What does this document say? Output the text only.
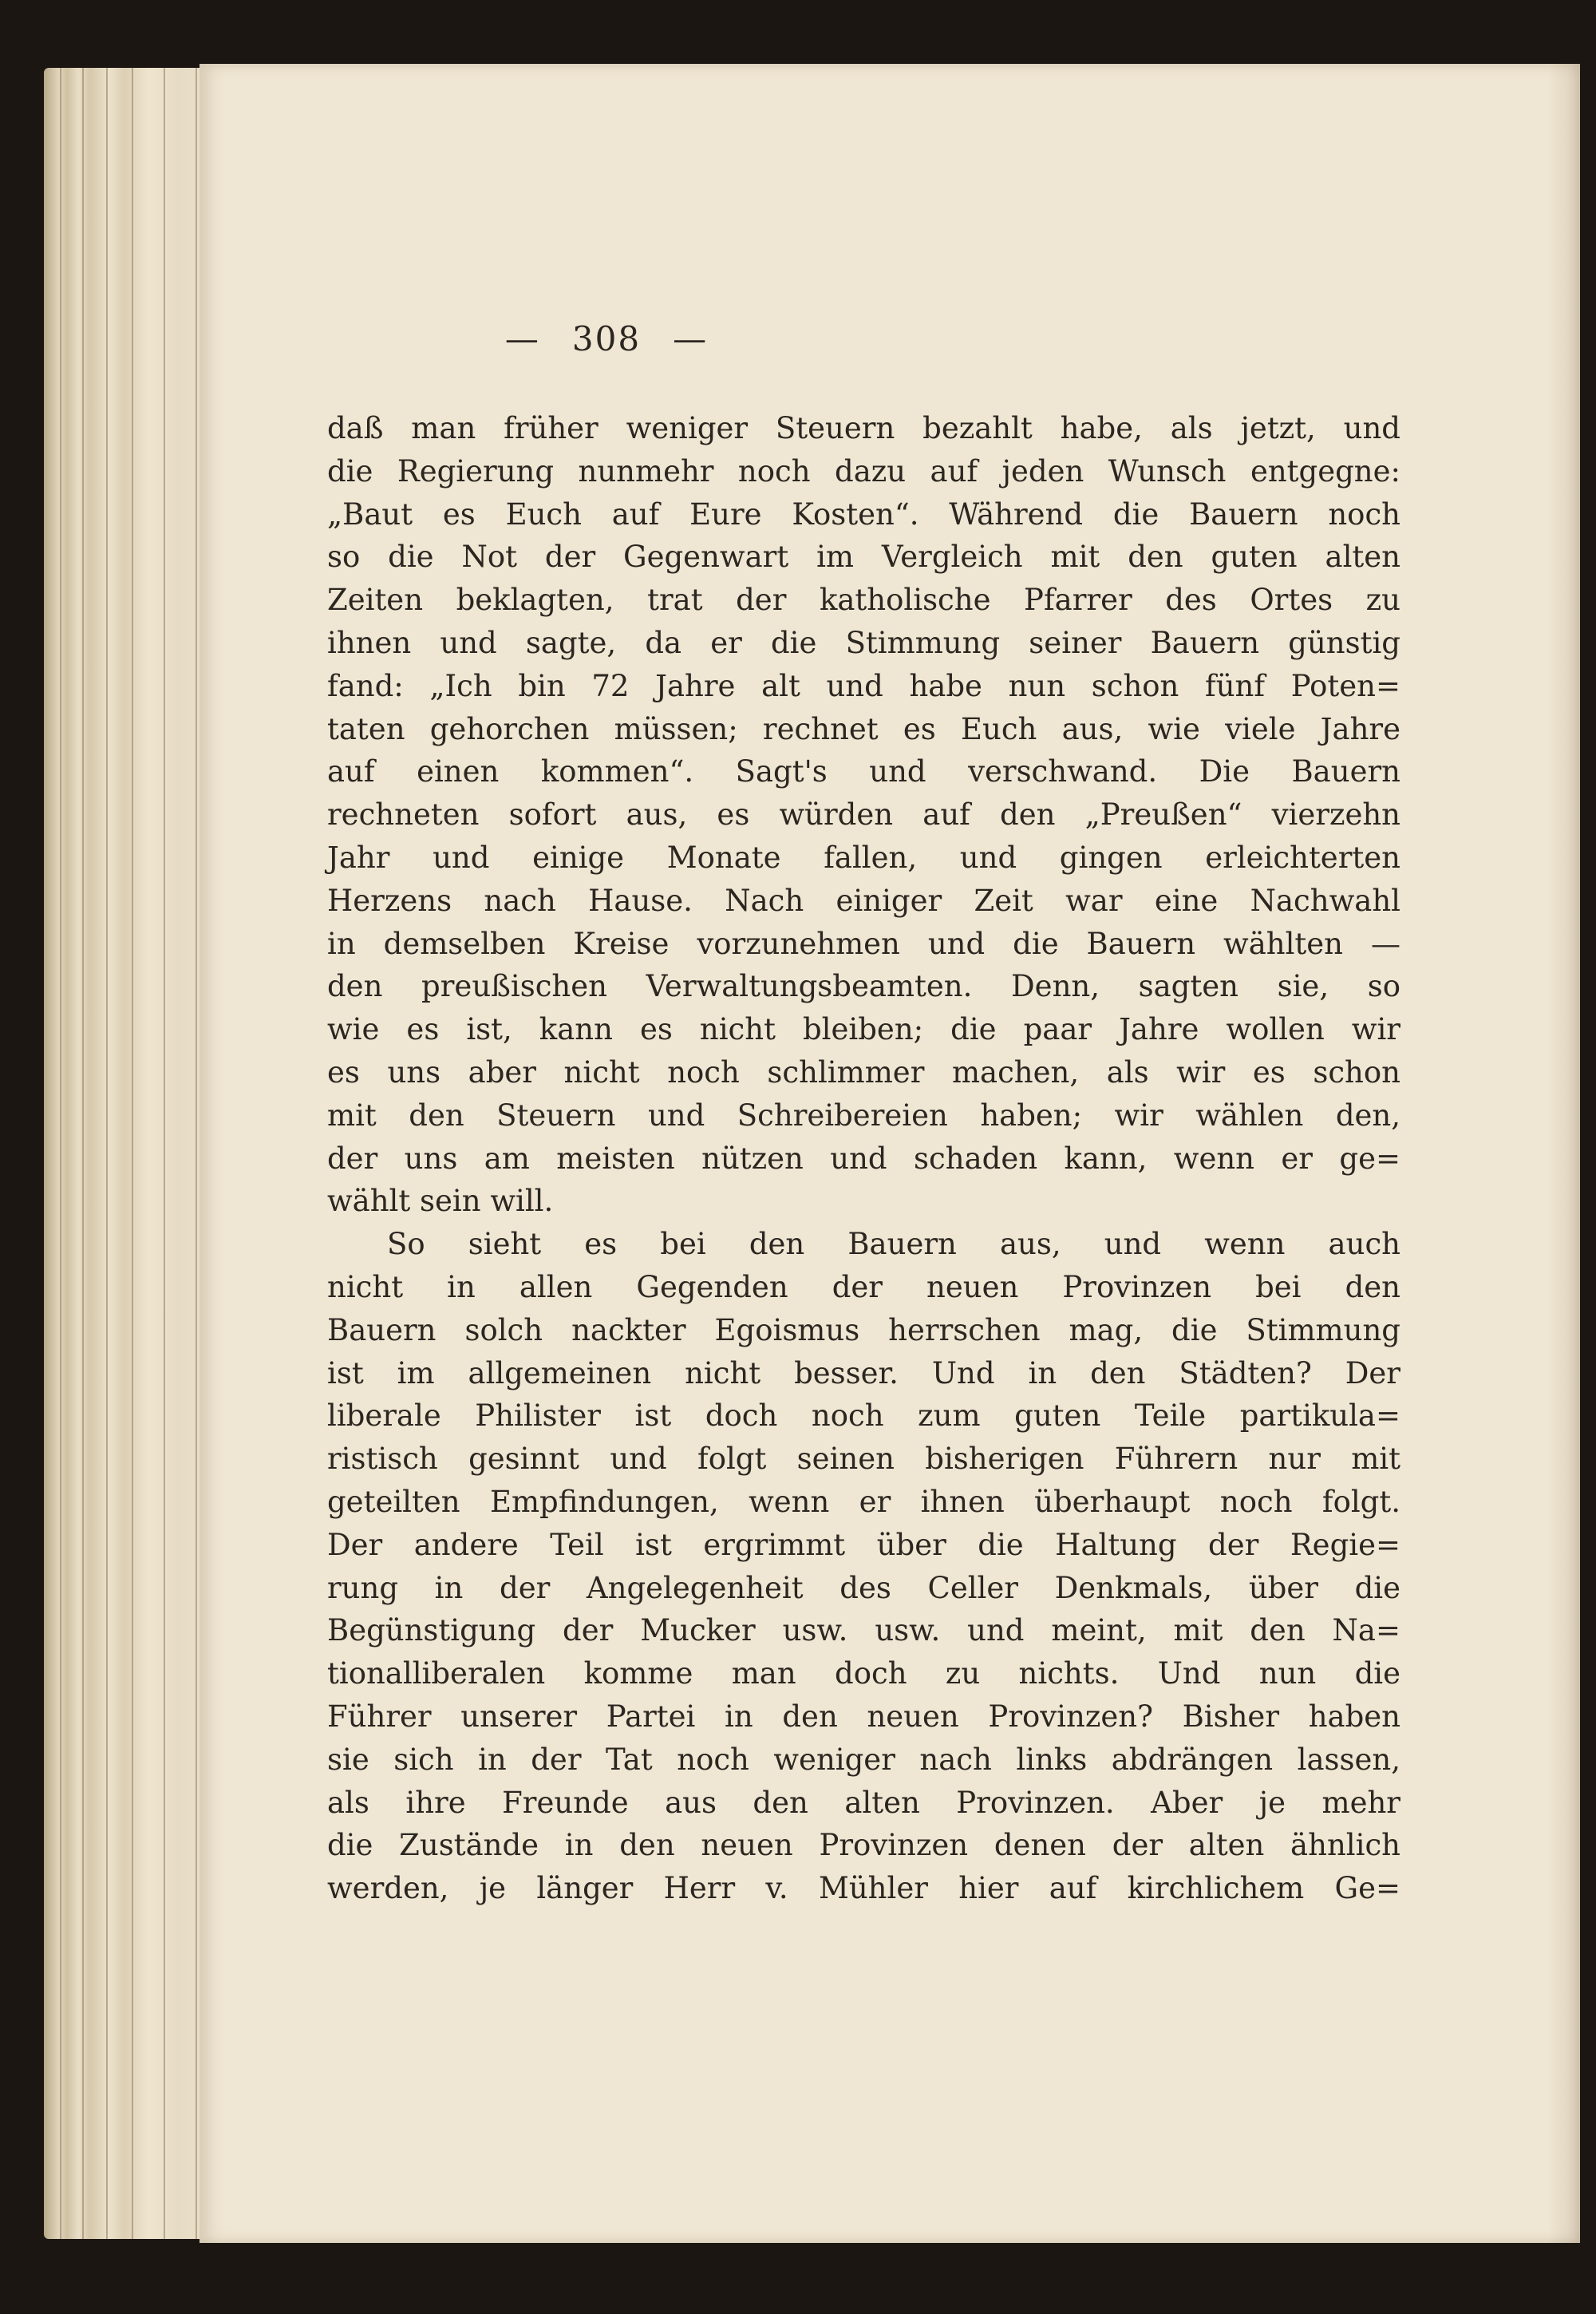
— 308 —
daß man früher weniger Steuern bezahlt habe, als jetzt, und
die Regierung nunmehr noch dazu auf jeden Wunsch entgegne:
„Baut es Euch auf Eure Kosten“. Während die Bauern noch
so die Not der Gegenwart im Vergleich mit den guten alten
Zeiten beklagten, trat der katholische Pfarrer des Ortes zu
ihnen und sagte, da er die Stimmung seiner Bauern günstig
fand: „Ich bin 72 Jahre alt und habe nun schon fünf Poten=
taten gehorchen müssen; rechnet es Euch aus, wie viele Jahre
auf einen kommen“. Sagt's und verschwand. Die Bauern
rechneten sofort aus, es würden auf den „Preußen“ vierzehn
Jahr und einige Monate fallen, und gingen erleichterten
Herzens nach Hause. Nach einiger Zeit war eine Nachwahl
in demselben Kreise vorzunehmen und die Bauern wählten —
den preußischen Verwaltungsbeamten. Denn, sagten sie, so
wie es ist, kann es nicht bleiben; die paar Jahre wollen wir
es uns aber nicht noch schlimmer machen, als wir es schon
mit den Steuern und Schreibereien haben; wir wählen den,
der uns am meisten nützen und schaden kann, wenn er ge=
wählt sein will.
So sieht es bei den Bauern aus, und wenn auch
nicht in allen Gegenden der neuen Provinzen bei den
Bauern solch nackter Egoismus herrschen mag, die Stimmung
ist im allgemeinen nicht besser. Und in den Städten? Der
liberale Philister ist doch noch zum guten Teile partikula=
ristisch gesinnt und folgt seinen bisherigen Führern nur mit
geteilten Empfindungen, wenn er ihnen überhaupt noch folgt.
Der andere Teil ist ergrimmt über die Haltung der Regie=
rung in der Angelegenheit des Celler Denkmals, über die
Begünstigung der Mucker usw. usw. und meint, mit den Na=
tionalliberalen komme man doch zu nichts. Und nun die
Führer unserer Partei in den neuen Provinzen? Bisher haben
sie sich in der Tat noch weniger nach links abdrängen lassen,
als ihre Freunde aus den alten Provinzen. Aber je mehr
die Zustände in den neuen Provinzen denen der alten ähnlich
werden, je länger Herr v. Mühler hier auf kirchlichem Ge=
